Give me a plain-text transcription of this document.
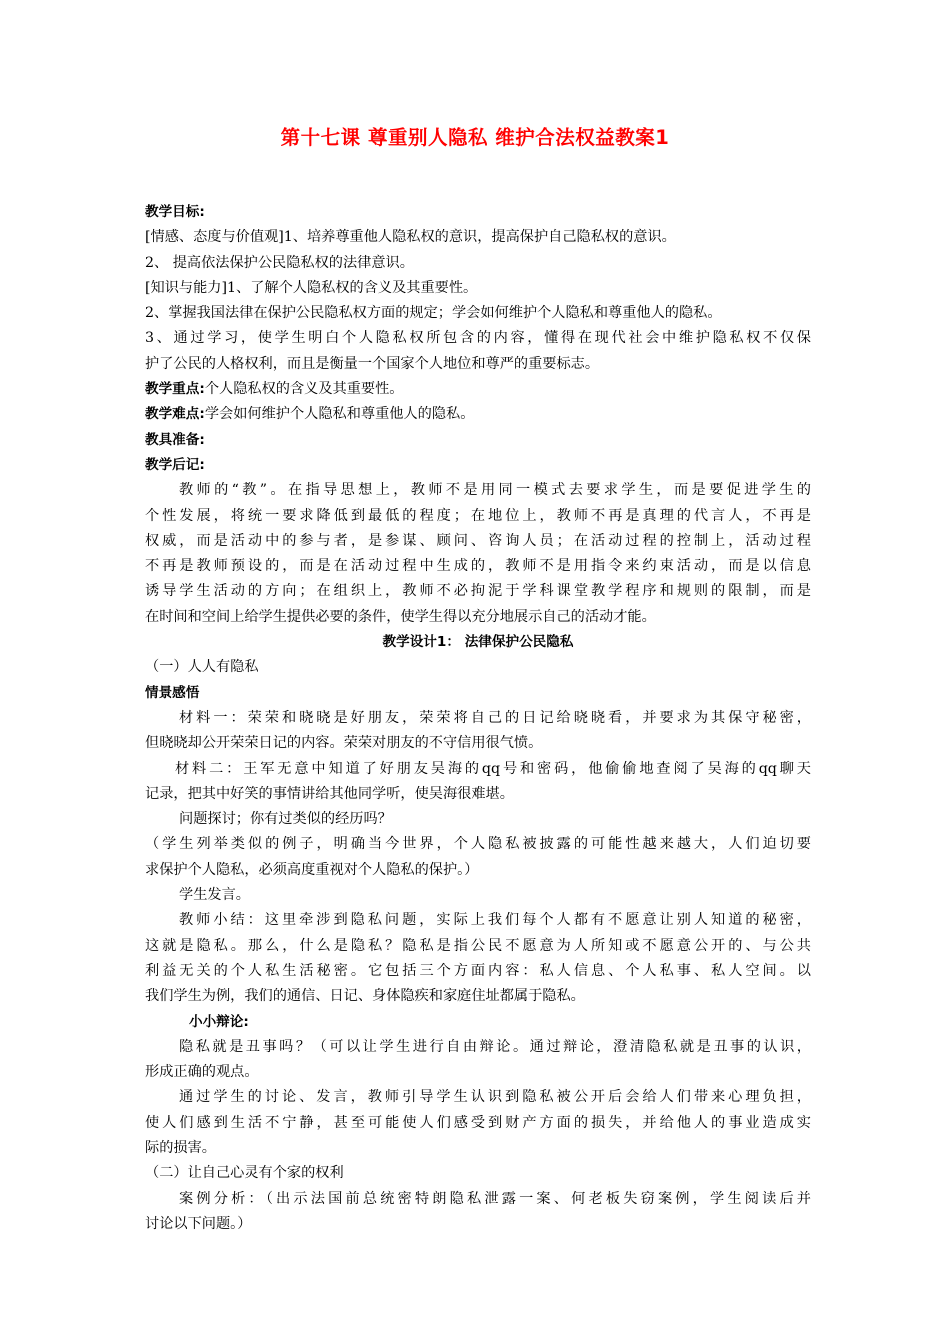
第十七课 尊重别人隐私 维护合法权益教案1
教学目标:
[情感、态度与价值观]1、培养尊重他人隐私权的意识，提高保护自己隐私权的意识。
2、 提高依法保护公民隐私权的法律意识。
[知识与能力]1、了解个人隐私权的含义及其重要性。
2、掌握我国法律在保护公民隐私权方面的规定；学会如何维护个人隐私和尊重他人的隐私。
3、通过学习，使学生明白个人隐私权所包含的内容，懂得在现代社会中维护隐私权不仅保
护了公民的人格权利，而且是衡量一个国家个人地位和尊严的重要标志。
教学重点:个人隐私权的含义及其重要性。
教学难点:学会如何维护个人隐私和尊重他人的隐私。
教具准备:
教学后记:
教师的“教”。在指导思想上，教师不是用同一模式去要求学生，而是要促进学生的
个性发展，将统一要求降低到最低的程度；在地位上，教师不再是真理的代言人，不再是
权威，而是活动中的参与者，是参谋、顾问、咨询人员；在活动过程的控制上，活动过程
不再是教师预设的，而是在活动过程中生成的，教师不是用指令来约束活动，而是以信息
诱导学生活动的方向；在组织上，教师不必拘泥于学科课堂教学程序和规则的限制，而是
在时间和空间上给学生提供必要的条件，使学生得以充分地展示自己的活动才能。
教学设计1： 法律保护公民隐私
（一）人人有隐私
情景感悟
材料一：荣荣和晓晓是好朋友，荣荣将自己的日记给晓晓看，并要求为其保守秘密，
但晓晓却公开荣荣日记的内容。荣荣对朋友的不守信用很气愤。
材料二：王军无意中知道了好朋友吴海的qq号和密码，他偷偷地查阅了吴海的qq聊天
记录，把其中好笑的事情讲给其他同学听，使吴海很难堪。
问题探讨；你有过类似的经历吗？
（学生列举类似的例子，明确当今世界，个人隐私被披露的可能性越来越大，人们迫切要
求保护个人隐私，必须高度重视对个人隐私的保护。）
学生发言。
教师小结：这里牵涉到隐私问题，实际上我们每个人都有不愿意让别人知道的秘密，
这就是隐私。那么，什么是隐私？隐私是指公民不愿意为人所知或不愿意公开的、与公共
利益无关的个人私生活秘密。它包括三个方面内容：私人信息、个人私事、私人空间。以
我们学生为例，我们的通信、日记、身体隐疾和家庭住址都属于隐私。
小小辩论:
隐私就是丑事吗？（可以让学生进行自由辩论。通过辩论，澄清隐私就是丑事的认识，
形成正确的观点。
通过学生的讨论、发言，教师引导学生认识到隐私被公开后会给人们带来心理负担，
使人们感到生活不宁静，甚至可能使人们感受到财产方面的损失，并给他人的事业造成实
际的损害。
（二）让自己心灵有个家的权利
案例分析：（出示法国前总统密特朗隐私泄露一案、何老板失窃案例，学生阅读后并
讨论以下问题。）
